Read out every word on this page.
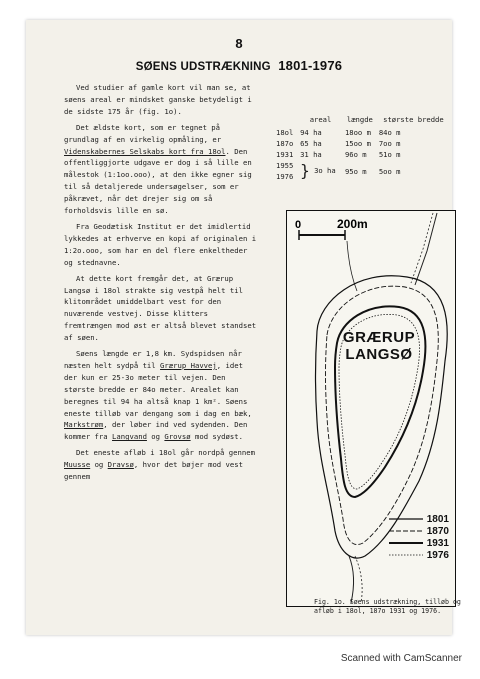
8
SØENS UDSTRÆKNING 1801-1976

Ved studier af gamle kort vil man se, at søens areal er mindsket ganske betydeligt i de sidste 175 år (fig. 1o).

Det ældste kort, som er tegnet på grundlag af en virkelig opmåling, er Videnskabernes Selskabs kort fra 18ol. Den offentliggjorte udgave er dog i så lille en målestok (1:1oo.ooo), at den ikke egner sig til så detaljerede undersøgelser, som er påkrævet, når det drejer sig om så forholdsvis lille en sø.

Fra Geodætisk Institut er det imidlertid lykkedes at erhverve en kopi af originalen i 1:2o.ooo, som har en del flere enkeltheder og stednavne.

At dette kort fremgår det, at Grærup Langsø i 18ol strakte sig vestpå helt til klitområdet umiddelbart vest for den nuværende vestvej. Disse klitters fremtrængen mod øst er altså blevet standset af søen.

Søens længde er 1,8 km. Sydspidsen når næsten helt sydpå til Grærup Havvej, idet der kun er 25-3o meter til vejen. Den største bredde er 84o meter. Arealet kan beregnes til 94 ha altså knap 1 km². Søens eneste tilløb var dengang som i dag en bæk, Markstrøm, der løber ind ved sydenden. Den kommer fra Langvand og Grovsø mod sydøst.

Det eneste afløb i 18ol går nordpå gennem Muusse og Dravsø, hvor det bøjer mod vest gennem

	areal	længde	største bredde
18ol	94 ha	18oo m	84o m
187o	65 ha	15oo m	7oo m
1931	31 ha	96o m	51o m
1955	} 3o ha	95o m	5oo m
1976			
0	200m
GRÆRUP
LANGSØ
1801
1870
1931
1976
Fig. 1o. Søens udstrækning, tilløb og afløb i 18ol, 187o 1931 og 1976.
Scanned with CamScanner
